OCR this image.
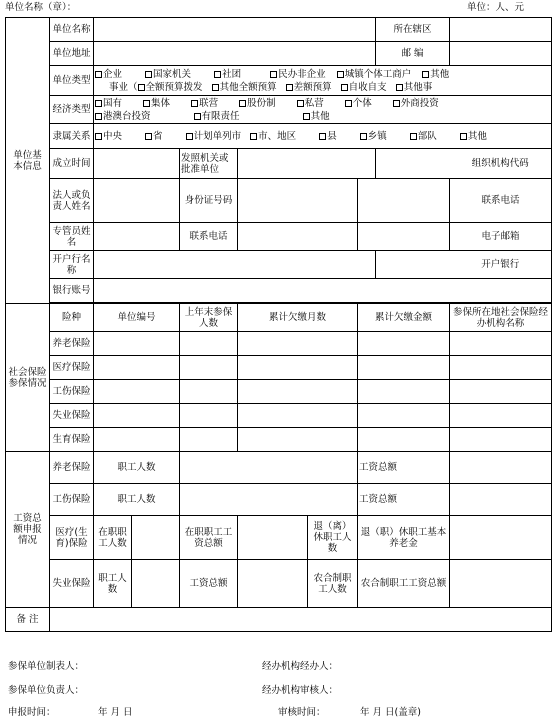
单位名称（章）：	单位：人、元
单位基本信息	单位名称							所在辖区		
	单位地址							邮 编		
	单位类型	企业 国家机关 社团 民办非企业 城镇个体工商户 其他
事业（ 全额预算拨发 其他全额预算 差额预算 自收自支 其他事								

	经济类型	国有 集体 联营 股份制 私营 个体 外商投资
港澳台投资 有限责任 其他								

	隶属关系	中央 省 计划单列市 市、地区 县 乡镇 部队 其他								
	成立时间			发照机关或批准单位					组织机构代码	
	法人或负责人姓名			身份证号码					联系电话	
	专管员姓名			联系电话					电子邮箱	
	开户行名称								开户银行	
	银行账号									

社会保险参保情况	险种	单位编号		上年末参保人数	累计欠缴月数		累计欠缴金额		参保所在地社会保险经办机构名称	
	养老保险									
	医疗保险									
	工伤保险									
	失业保险									
	生育保险									
工资总额申报情况	养老保险	职工人数					工资总额			
	工伤保险	职工人数					工资总额			
	医疗(生育)保险	在职职工人数		在职职工工资总额		退（离）休职工人数	退（职）休职工基本养老金			
	失业保险	职工人数		工资总额		农合制职工人数	农合制职工工资总额			
备 注										
参保单位制表人：	经办机构经办人：
参保单位负责人：	经办机构审核人：
申报时间：	年 月 日	审核时间：	年 月 日(盖章)
